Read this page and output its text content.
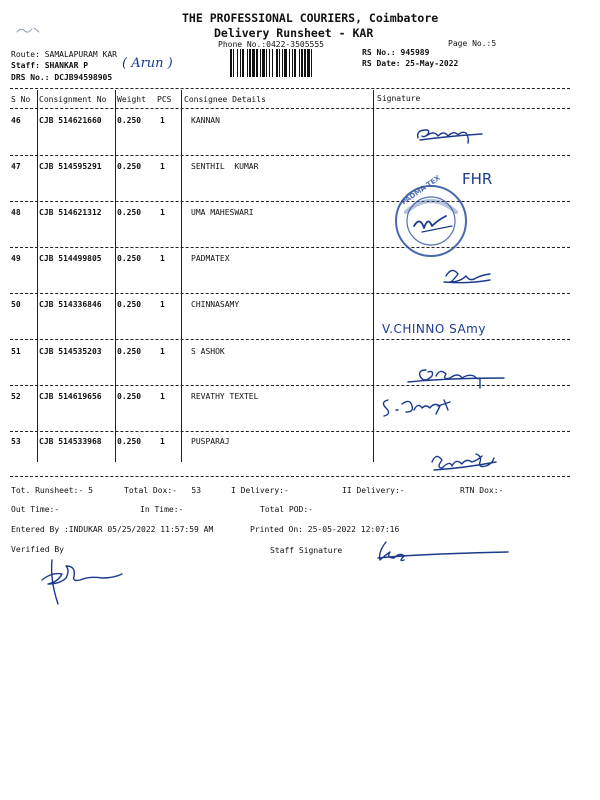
THE PROFESSIONAL COURIERS, Coimbatore
Delivery Runsheet - KAR
Phone No.:0422-3505555	Page No.:5
Route: SAMALAPURAM KAR
Staff: SHANKAR P
DRS No.: DCJB94598905
( Arun )
RS No.: 945989
RS Date: 25-May-2022
S No Consignment No Weight PCS Consignee Details	Signature
46 CJB 514621660 0.250 1	KANNAN
47 CJB 514595291 0.250 1	SENTHIL  KUMAR
48 CJB 514621312 0.250 1	UMA MAHESWARI
49 CJB 514499805 0.250 1	PADMATEX
50 CJB 514336846 0.250 1	CHINNASAMY
51 CJB 514535203 0.250 1	S ASHOK
52 CJB 514619656 0.250 1	REVATHY TEXTEL
53 CJB 514533968 0.250 1	PUSPARAJ
FHR
PADMA TEX
V.CHINNO SAmy
Tot. Runsheet:- 5	Total Dox:-   53	I Delivery:-	II Delivery:-	RTN Dox:-
Out Time:-	In Time:-	Total POD:-
Entered By :INDUKAR 05/25/2022 11:57:59 AM	Printed On: 25-05-2022 12:07:16
Verified By	Staff Signature
